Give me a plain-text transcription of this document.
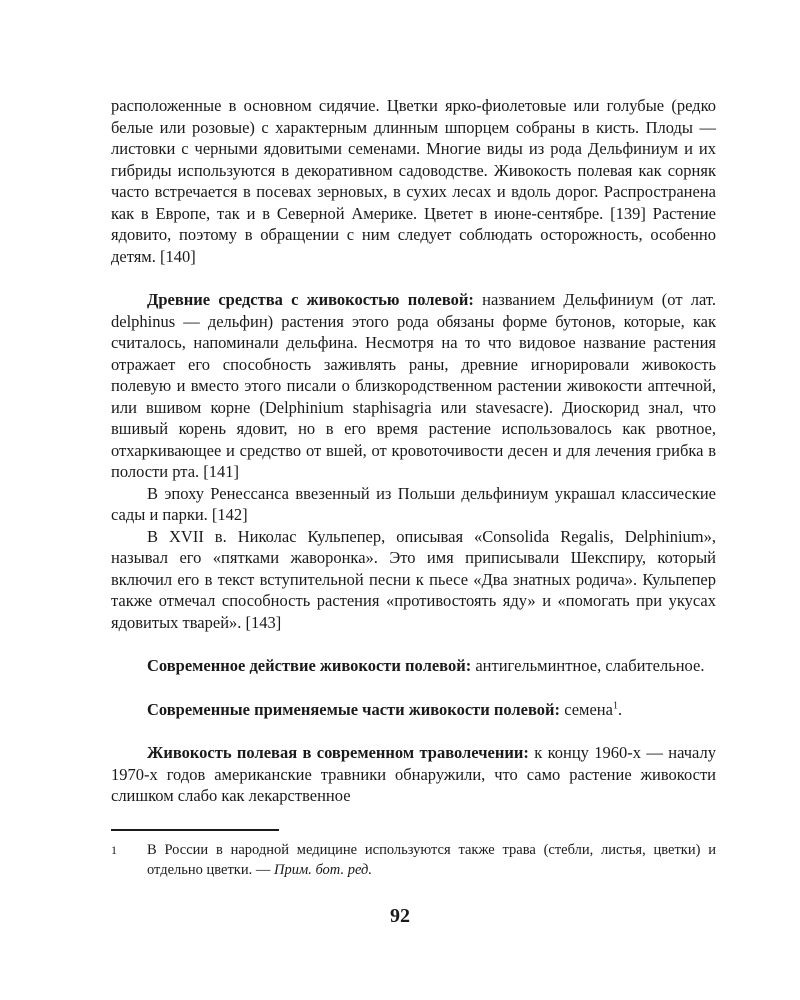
расположенные в основном сидячие. Цветки ярко-фиолетовые или голубые (редко белые или розовые) с характерным длинным шпорцем собраны в кисть. Плоды — листовки с черными ядовитыми семенами. Многие виды из рода Дельфиниум и их гибриды используются в декоративном садоводстве. Живокость полевая как сорняк часто встречается в посевах зерновых, в сухих лесах и вдоль дорог. Распространена как в Европе, так и в Северной Америке. Цветет в июне-сентябре. [139] Растение ядовито, поэтому в обращении с ним следует соблюдать осторожность, особенно детям. [140]

Древние средства с живокостью полевой: названием Дельфиниум (от лат. delphinus — дельфин) растения этого рода обязаны форме бутонов, которые, как считалось, напоминали дельфина. Несмотря на то что видовое название растения отражает его способность заживлять раны, древние игнорировали живокость полевую и вместо этого писали о близкородственном растении живокости аптечной, или вшивом корне (Delphinium staphisagria или stavesacre). Диоскорид знал, что вшивый корень ядовит, но в его время растение использовалось как рвотное, отхаркивающее и средство от вшей, от кровоточивости десен и для лечения грибка в полости рта. [141]

В эпоху Ренессанса ввезенный из Польши дельфиниум украшал классические сады и парки. [142]

В XVII в. Николас Кульпепер, описывая «Consolida Regalis, Delphinium», называл его «пятками жаворонка». Это имя приписывали Шекспиру, который включил его в текст вступительной песни к пьесе «Два знатных родича». Кульпепер также отмечал способность растения «противостоять яду» и «помогать при укусах ядовитых тварей». [143]

Современное действие живокости полевой: антигельминтное, слабительное.

Современные применяемые части живокости полевой: семена$^1$.

Живокость полевая в современном траволечении: к концу 1960-х — началу 1970-х годов американские травники обнаружили, что само растение живокости слишком слабо как лекарственное

1	В России в народной медицине используются также трава (стебли, листья, цветки) и отдельно цветки. — Прим. бот. ред.
92
